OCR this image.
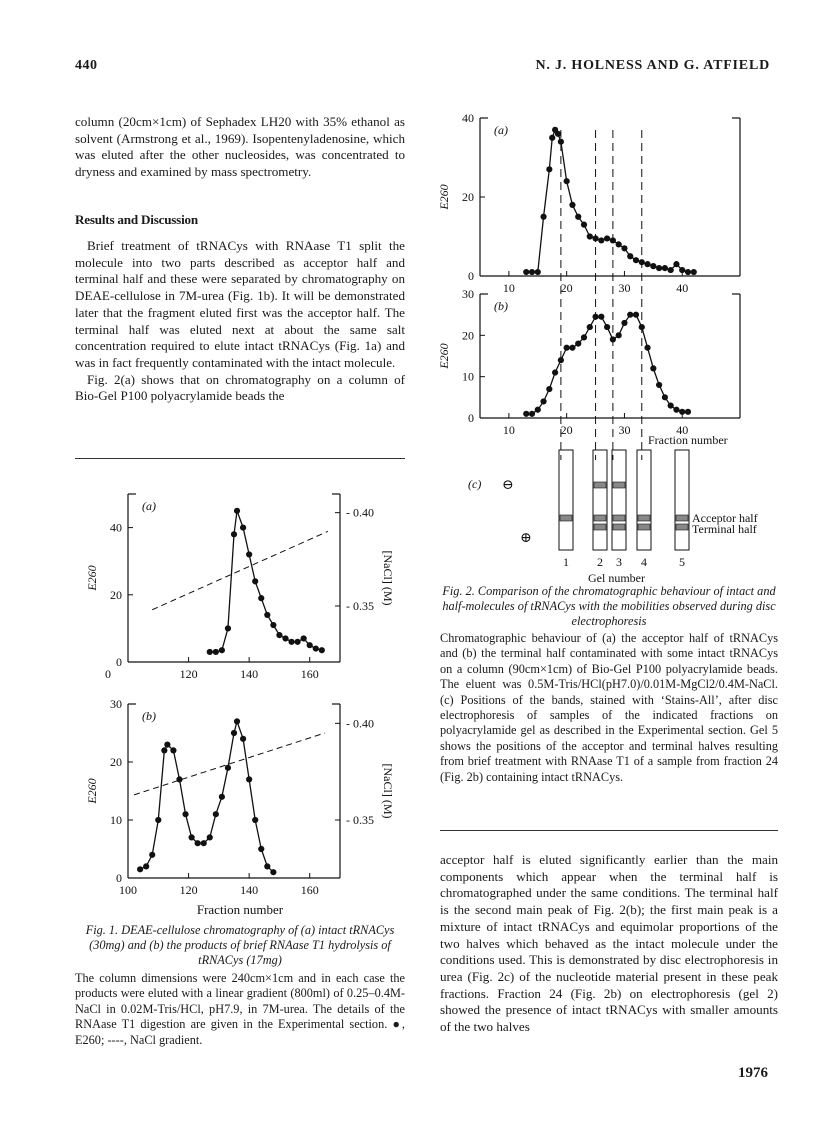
440	N. J. HOLNESS AND G. ATFIELD

column (20cm×1cm) of Sephadex LH20 with 35% ethanol as solvent (Armstrong et al., 1969). Isopentenyladenosine, which was eluted after the other nucleosides, was concentrated to dryness and examined by mass spectrometry.

Results and Discussion

Brief treatment of tRNACys with RNAase T1 split the molecule into two parts described as acceptor half and terminal half and these were separated by chromatography on DEAE-cellulose in 7M-urea (Fig. 1b). It will be demonstrated later that the fragment eluted first was the acceptor half. The terminal half was eluted next at about the same salt concentration required to elute intact tRNACys (Fig. 1a) and was in fact frequently contaminated with the intact molecule.

Fig. 2(a) shows that on chromatography on a column of Bio-Gel P100 polyacrylamide beads the

0
20
40
0	120	140	160
- 0.35
- 0.40
[NaCl] (M)
(a)
E260
0
10
20
30
100	120	140	160
- 0.35
- 0.40
[NaCl] (M)
(b)
E260
Fraction number
Fig. 1. DEAE-cellulose chromatography of (a) intact tRNACys (30mg) and (b) the products of brief RNAase T1 hydrolysis of tRNACys (17mg)
The column dimensions were 240cm×1cm and in each case the products were eluted with a linear gradient (800ml) of 0.25–0.4M-NaCl in 0.02M-Tris/HCl, pH7.9, in 7M-urea. The details of the RNAase T1 digestion are given in the Experimental section. ●, E260; ----, NaCl gradient.
0
20
40
10	20	30	40
(a)
E260
0
10
20
30
10	20	30	40
(b)
E260
Fraction number
(c) ⊖
⊕
1 2 3 4	5
Gel number
Acceptor half
Terminal half
Fig. 2. Comparison of the chromatographic behaviour of intact and half-molecules of tRNACys with the mobilities observed during disc electrophoresis
Chromatographic behaviour of (a) the acceptor half of tRNACys and (b) the terminal half contaminated with some intact tRNACys on a column (90cm×1cm) of Bio-Gel P100 polyacrylamide beads. The eluent was 0.5M-Tris/HCl(pH7.0)/0.01M-MgCl2/0.4M-NaCl. (c) Positions of the bands, stained with ‘Stains-All’, after disc electrophoresis of samples of the indicated fractions on polyacrylamide gel as described in the Experimental section. Gel 5 shows the positions of the acceptor and terminal halves resulting from brief treatment with RNAase T1 of a sample from fraction 24 (Fig. 2b) containing intact tRNACys.

acceptor half is eluted significantly earlier than the main components which appear when the terminal half is chromatographed under the same conditions. The terminal half is the second main peak of Fig. 2(b); the first main peak is a mixture of intact tRNACys and equimolar proportions of the two halves which behaved as the intact molecule under the conditions used. This is demonstrated by disc electrophoresis in urea (Fig. 2c) of the nucleotide material present in these peak fractions. Fraction 24 (Fig. 2b) on electrophoresis (gel 2) showed the presence of intact tRNACys with smaller amounts of the two halves

1976
